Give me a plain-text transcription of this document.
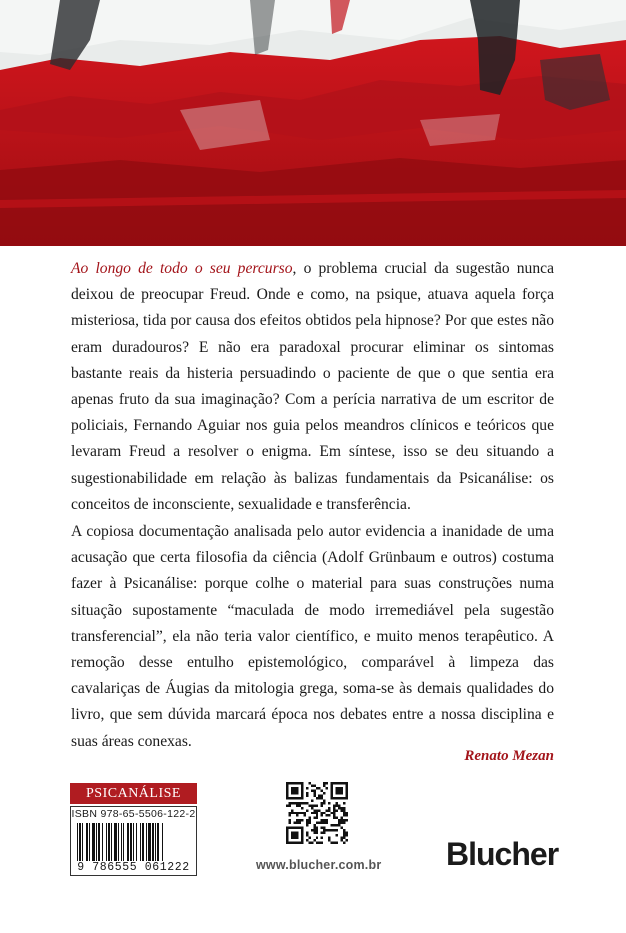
Ao longo de todo o seu percurso, o problema crucial da sugestão nunca deixou de preocupar Freud. Onde e como, na psique, atuava aquela força misteriosa, tida por causa dos efeitos obtidos pela hipnose? Por que estes não eram duradouros? E não era paradoxal procurar eliminar os sintomas bastante reais da histeria persuadindo o paciente de que o que sentia era apenas fruto da sua imaginação? Com a perícia narrativa de um escritor de policiais, Fernando Aguiar nos guia pelos meandros clínicos e teóricos que levaram Freud a resolver o enigma. Em síntese, isso se deu situando a sugestionabilidade em relação às balizas fundamentais da Psicanálise: os conceitos de inconsciente, sexualidade e transferência.

A copiosa documentação analisada pelo autor evidencia a inanidade de uma acusação que certa filosofia da ciência (Adolf Grünbaum e outros) costuma fazer à Psicanálise: porque colhe o material para suas construções numa situação supostamente “maculada de modo irremediável pela sugestão transferencial”, ela não teria valor científico, e muito menos terapêutico. A remoção desse entulho epistemológico, comparável à limpeza das cavalariças de Áugias da mitologia grega, soma-se às demais qualidades do livro, que sem dúvida marcará época nos debates entre a nossa disciplina e suas áreas conexas.

Renato Mezan
PSICANÁLISE
ISBN 978-65-5506-122-2
9 786555 061222	www.blucher.com.br Blucher
